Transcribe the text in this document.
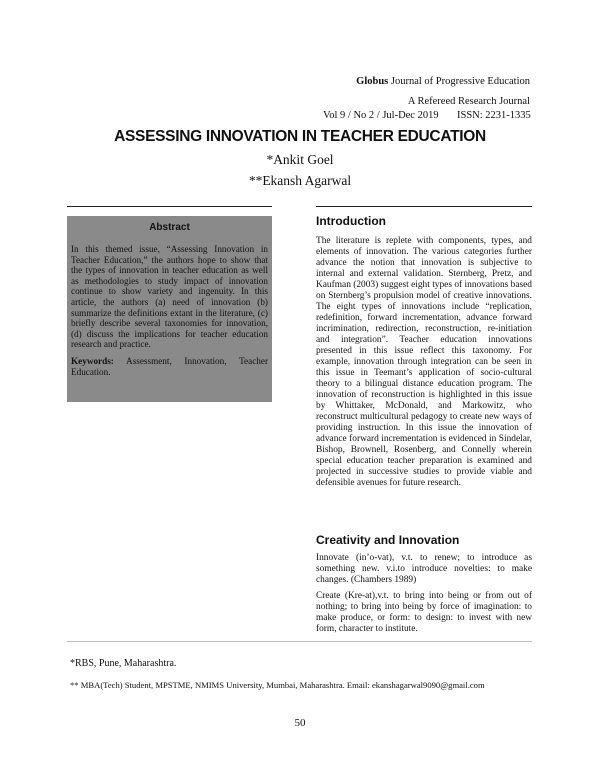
Globus Journal of Progressive Education
A Refereed Research Journal
Vol 9 / No 2 / Jul-Dec 2019 ISSN: 2231-1335
ASSESSING INNOVATION IN TEACHER EDUCATION
*Ankit Goel
**Ekansh Agarwal
Abstract
In this themed issue, “Assessing Innovation in Teacher Education,” the authors hope to show that the types of innovation in teacher education as well as methodologies to study impact of innovation continue to show variety and ingenuity. In this article, the authors (a) need of innovation (b) summarize the definitions extant in the literature, (c) briefly describe several taxonomies for innovation, (d) discuss the implications for teacher education research and practice.
Keywords: Assessment, Innovation, Teacher Education.
Introduction
The literature is replete with components, types, and elements of innovation. The various categories further advance the notion that innovation is subjective to internal and external validation. Sternberg, Pretz, and Kaufman (2003) suggest eight types of innovations based on Sternberg’s propulsion model of creative innovations. The eight types of innovations include “replication, redefinition, forward incrementation, advance forward incrimination, redirection, reconstruction, re-initiation and integration”. Teacher education innovations presented in this issue reflect this taxonomy. For example, innovation through integration can be seen in this issue in Teemant’s application of socio-cultural theory to a bilingual distance education program. The innovation of reconstruction is highlighted in this issue by Whittaker, McDonald, and Markowitz, who reconstruct multicultural pedagogy to create new ways of providing instruction. In this issue the innovation of advance forward incrementation is evidenced in Sindelar, Bishop, Brownell, Rosenberg, and Connelly wherein special education teacher preparation is examined and projected in successive studies to provide viable and defensible avenues for future research.
Creativity and Innovation
Innovate (in’o-vat), v.t. to renew; to introduce as something new. v.i.to introduce novelties: to make changes. (Chambers 1989)
Create (Kre-at),v.t. to bring into being or from out of nothing; to bring into being by force of imagination: to make produce, or form: to design: to invest with new form, character to institute.
*RBS, Pune, Maharashtra.
** MBA(Tech) Student, MPSTME, NMIMS University, Mumbai, Maharashtra. Email: ekanshagarwal9090@gmail.com
50
